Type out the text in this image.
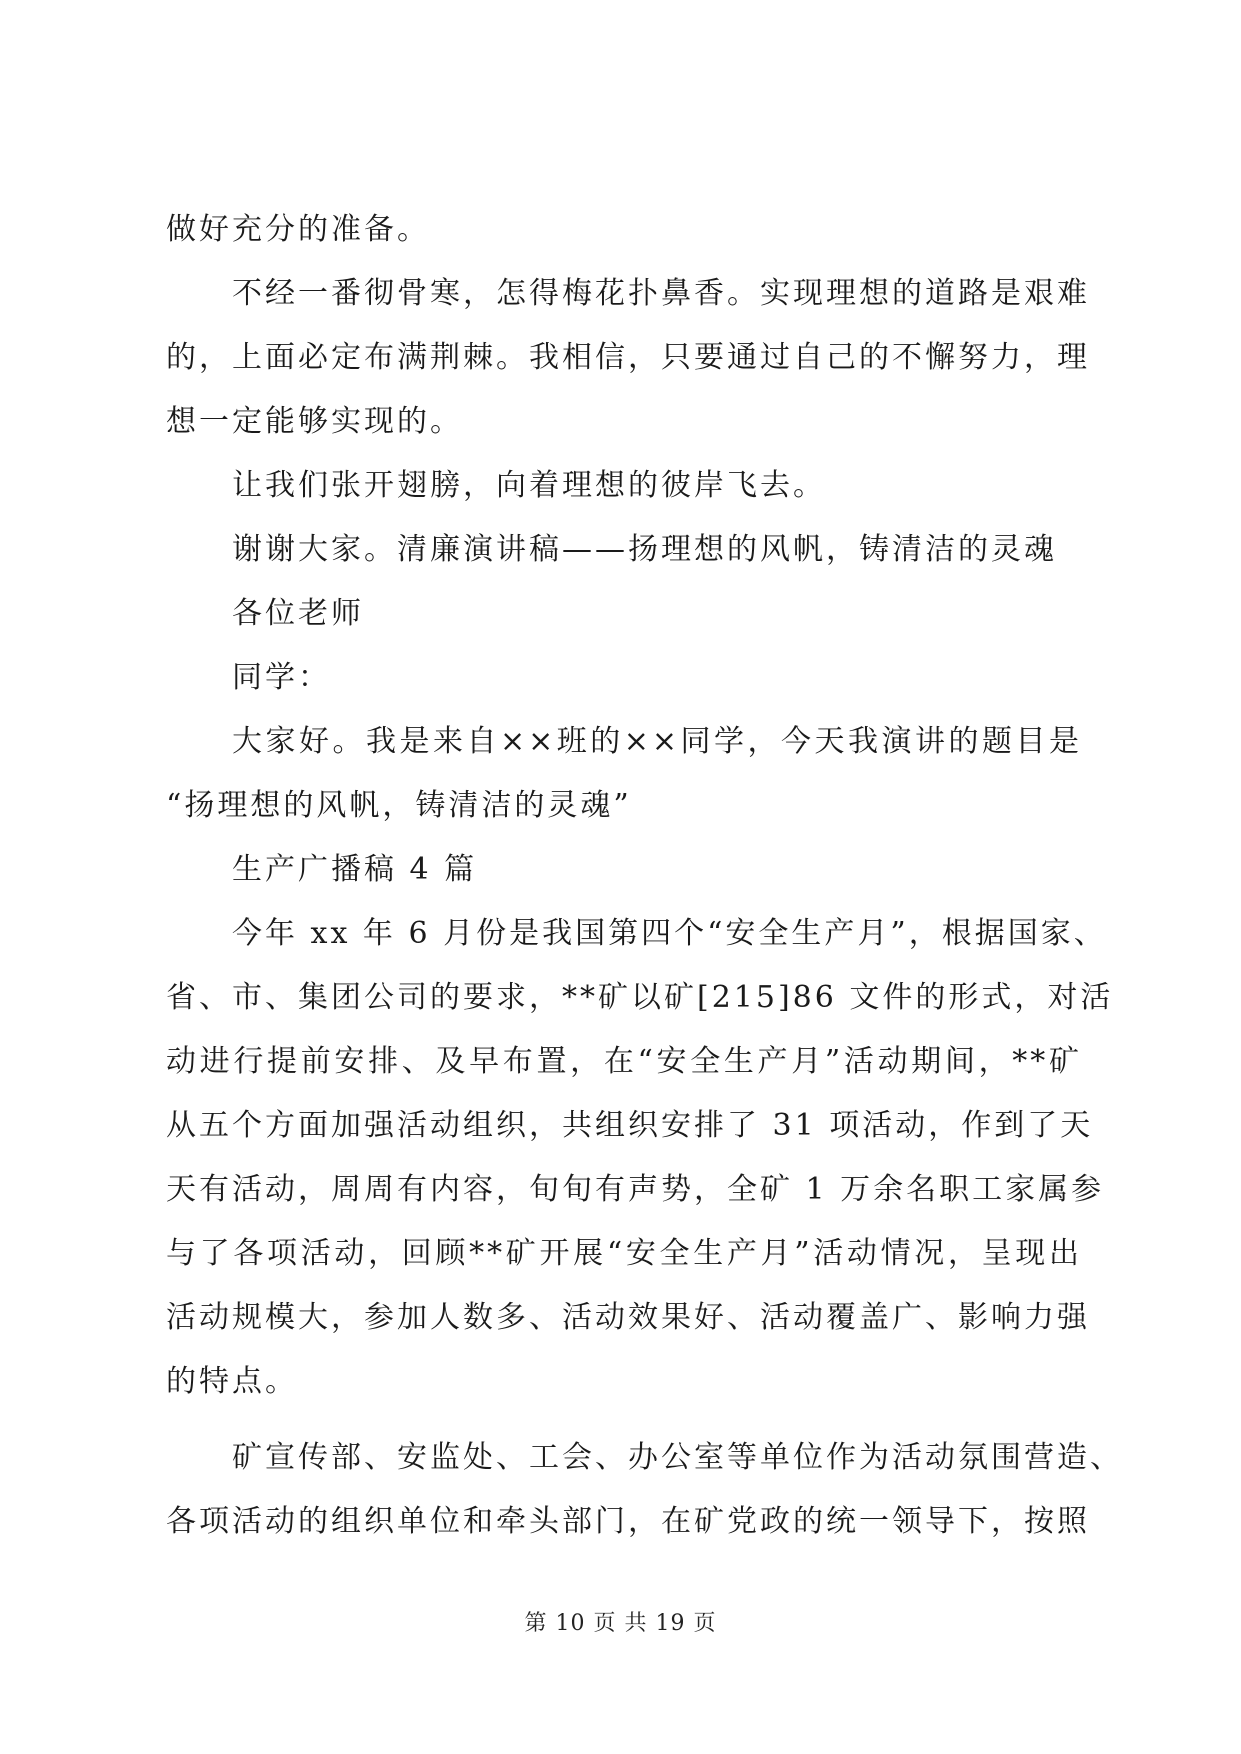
做好充分的准备。
不经一番彻骨寒，怎得梅花扑鼻香。实现理想的道路是艰难
的，上面必定布满荆棘。我相信，只要通过自己的不懈努力，理
想一定能够实现的。
让我们张开翅膀，向着理想的彼岸飞去。
谢谢大家。清廉演讲稿——扬理想的风帆，铸清洁的灵魂
各位老师
同学：
大家好。我是来自××班的××同学，今天我演讲的题目是
“扬理想的风帆，铸清洁的灵魂”
生产广播稿 4 篇
今年 xx 年 6 月份是我国第四个“安全生产月”，根据国家、
省、市、集团公司的要求，**矿以矿[215]86 文件的形式，对活
动进行提前安排、及早布置，在“安全生产月”活动期间，**矿
从五个方面加强活动组织，共组织安排了 31 项活动，作到了天
天有活动，周周有内容，旬旬有声势，全矿 1 万余名职工家属参
与了各项活动，回顾**矿开展“安全生产月”活动情况，呈现出
活动规模大，参加人数多、活动效果好、活动覆盖广、影响力强
的特点。
矿宣传部、安监处、工会、办公室等单位作为活动氛围营造、
各项活动的组织单位和牵头部门，在矿党政的统一领导下，按照
第 10 页 共 19 页
